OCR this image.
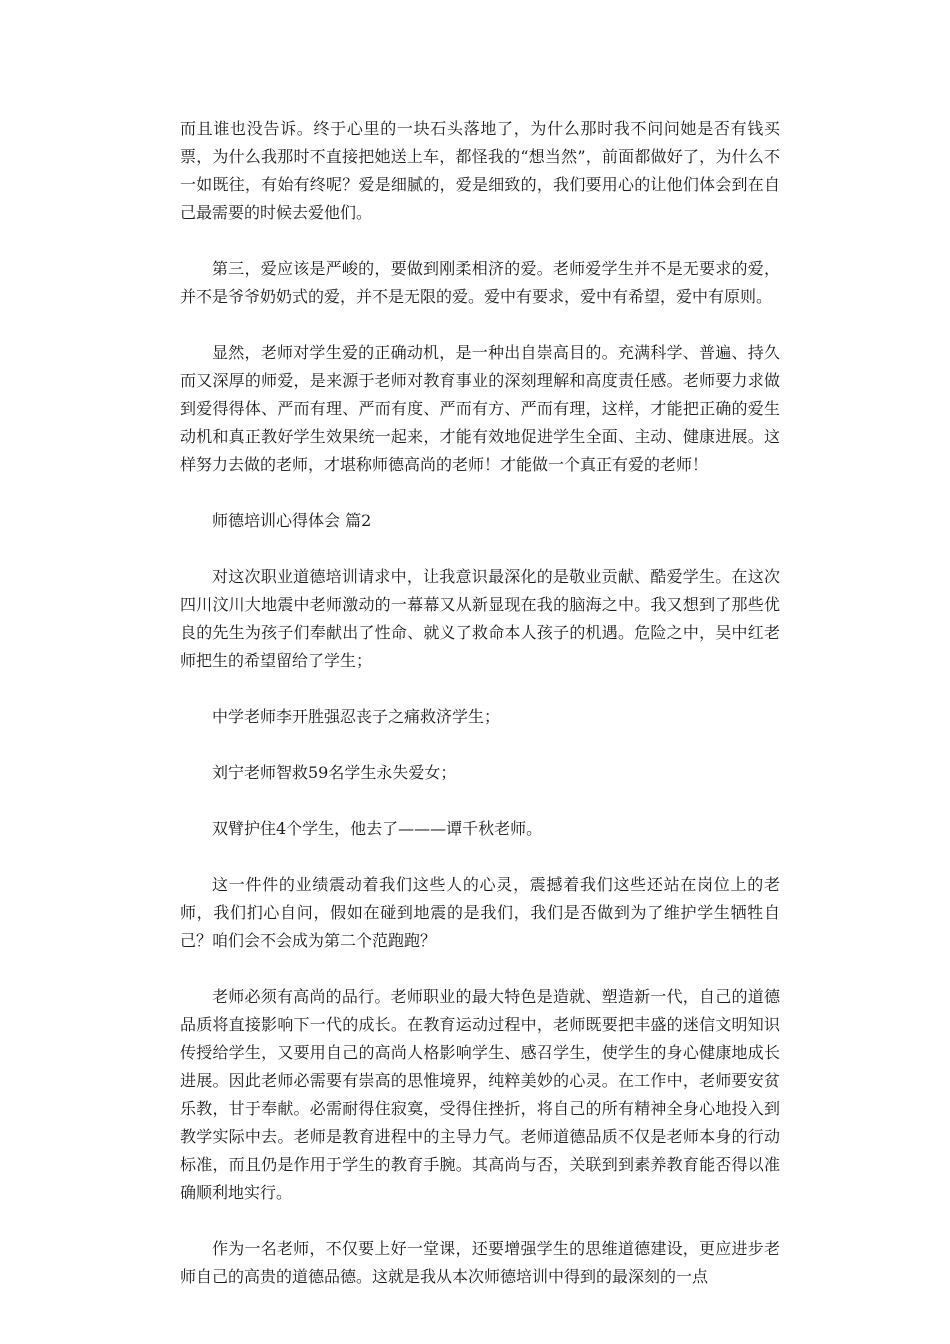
而且谁也没告诉。终于心里的一块石头落地了，为什么那时我不问问她是否有钱买票，为什么我那时不直接把她送上车，都怪我的“想当然”，前面都做好了，为什么不一如既往，有始有终呢？爱是细腻的，爱是细致的，我们要用心的让他们体会到在自己最需要的时候去爱他们。

第三，爱应该是严峻的，要做到刚柔相济的爱。老师爱学生并不是无要求的爱，并不是爷爷奶奶式的爱，并不是无限的爱。爱中有要求，爱中有希望，爱中有原则。

显然，老师对学生爱的正确动机，是一种出自崇高目的。充满科学、普遍、持久而又深厚的师爱，是来源于老师对教育事业的深刻理解和高度责任感。老师要力求做到爱得得体、严而有理、严而有度、严而有方、严而有理，这样，才能把正确的爱生动机和真正教好学生效果统一起来，才能有效地促进学生全面、主动、健康进展。这样努力去做的老师，才堪称师德高尚的老师！才能做一个真正有爱的老师！

师德培训心得体会 篇2

对这次职业道德培训请求中，让我意识最深化的是敬业贡献、酷爱学生。在这次四川汶川大地震中老师激动的一幕幕又从新显现在我的脑海之中。我又想到了那些优良的先生为孩子们奉献出了性命、就义了救命本人孩子的机遇。危险之中，吴中红老师把生的希望留给了学生；

中学老师李开胜强忍丧子之痛救济学生；

刘宁老师智救59名学生永失爱女；

双臂护住4个学生，他去了———谭千秋老师。

这一件件的业绩震动着我们这些人的心灵，震撼着我们这些还站在岗位上的老师，我们扪心自问，假如在碰到地震的是我们，我们是否做到为了维护学生牺牲自己？咱们会不会成为第二个范跑跑？

老师必须有高尚的品行。老师职业的最大特色是造就、塑造新一代，自己的道德品质将直接影响下一代的成长。在教育运动过程中，老师既要把丰盛的迷信文明知识传授给学生，又要用自己的高尚人格影响学生、感召学生，使学生的身心健康地成长进展。因此老师必需要有崇高的思惟境界，纯粹美妙的心灵。在工作中，老师要安贫乐教，甘于奉献。必需耐得住寂寞，受得住挫折，将自己的所有精神全身心地投入到教学实际中去。老师是教育进程中的主导力气。老师道德品质不仅是老师本身的行动标准，而且仍是作用于学生的教育手腕。其高尚与否，关联到到素养教育能否得以准确顺利地实行。

作为一名老师，不仅要上好一堂课，还要增强学生的思维道德建设，更应进步老师自己的高贵的道德品德。这就是我从本次师德培训中得到的最深刻的一点
